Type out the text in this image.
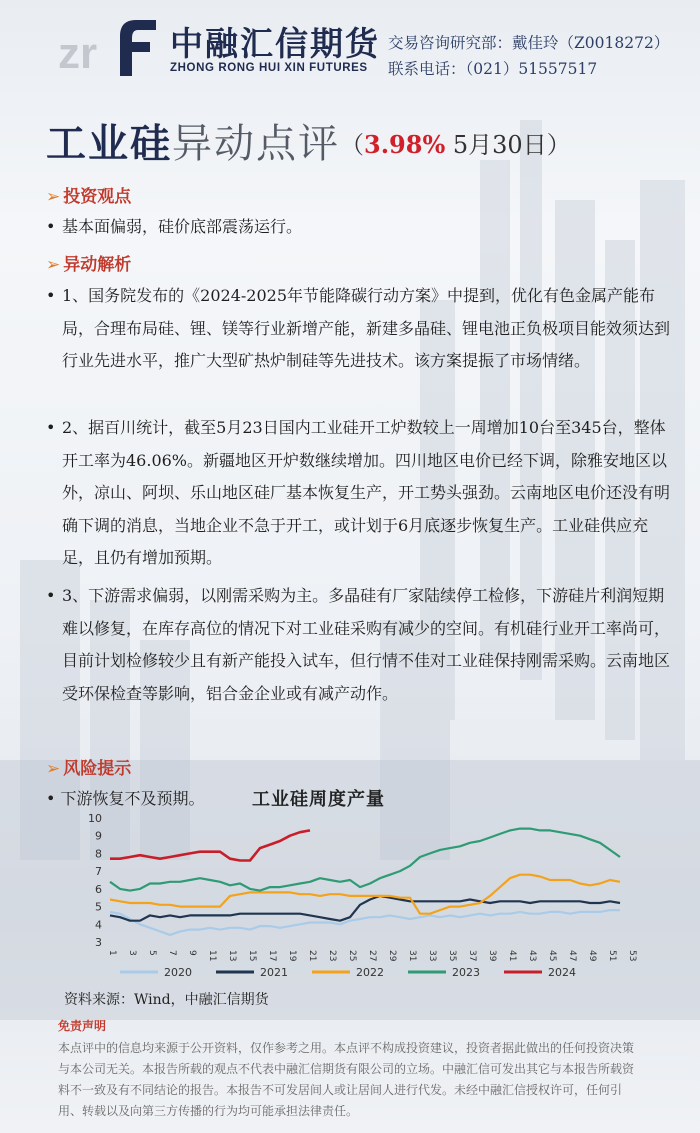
zr 中融汇信期货
ZHONG RONG HUI XIN FUTURES
交易咨询研究部：戴佳玲（Z0018272）
联系电话：（021）51557517
工业硅异动点评（3.98% 5月30日）
➢ 投资观点
• 基本面偏弱，硅价底部震荡运行。
➢ 异动解析
• 1、国务院发布的《2024-2025年节能降碳行动方案》中提到，优化有色金属产能布局，合理布局硅、锂、镁等行业新增产能，新建多晶硅、锂电池正负极项目能效须达到行业先进水平，推广大型矿热炉制硅等先进技术。该方案提振了市场情绪。
• 2、据百川统计，截至5月23日国内工业硅开工炉数较上一周增加10台至345台，整体开工率为46.06%。新疆地区开炉数继续增加。四川地区电价已经下调，除雅安地区以外，凉山、阿坝、乐山地区硅厂基本恢复生产，开工势头强劲。云南地区电价还没有明确下调的消息，当地企业不急于开工，或计划于6月底逐步恢复生产。工业硅供应充足，且仍有增加预期。
• 3、下游需求偏弱，以刚需采购为主。多晶硅有厂家陆续停工检修，下游硅片利润短期难以修复，在库存高位的情况下对工业硅采购有减少的空间。有机硅行业开工率尚可，目前计划检修较少且有新产能投入试车，但行情不佳对工业硅保持刚需采购。云南地区受环保检查等影响，铝合金企业或有减产动作。
➢ 风险提示
• 下游恢复不及预期。	工业硅周度产量
10
9
8
7
6
5
4
3
1 3 5 7 9 11 13 15 17 19 21 23 25 27 29 31 33 35 37 39 41 43 45 47 49 51 53
2020	2021	2022	2023	2024
资料来源：Wind，中融汇信期货
免责声明
本点评中的信息均来源于公开资料，仅作参考之用。本点评不构成投资建议，投资者据此做出的任何投资决策与本公司无关。本报告所载的观点不代表中融汇信期货有限公司的立场。中融汇信可发出其它与本报告所载资料不一致及有不同结论的报告。本报告不可发居间人或让居间人进行代发。未经中融汇信授权许可，任何引用、转载以及向第三方传播的行为均可能承担法律责任。
